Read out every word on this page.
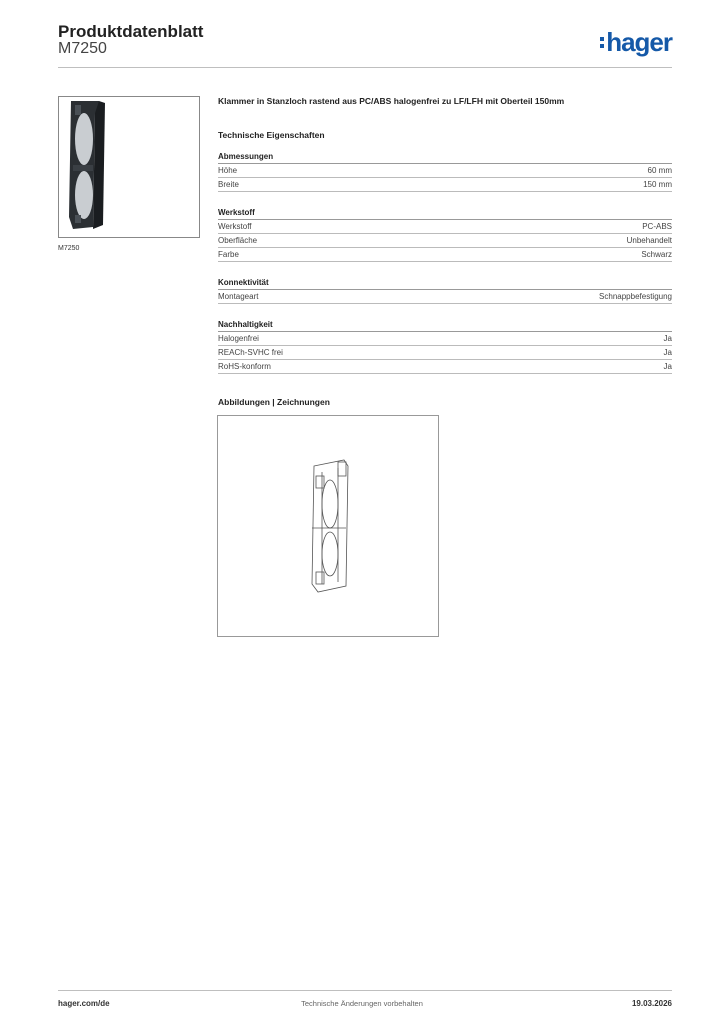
Produktdatenblatt
M7250	hager
M7250
Klammer in Stanzloch rastend aus PC/ABS halogenfrei zu LF/LFH mit Oberteil 150mm
Technische Eigenschaften
Abmessungen
Höhe	60 mm
Breite	150 mm
Werkstoff
Werkstoff	PC-ABS
Oberfläche	Unbehandelt
Farbe	Schwarz
Konnektivität
Montageart	Schnappbefestigung
Nachhaltigkeit
Halogenfrei	Ja
REACh-SVHC frei	Ja
RoHS-konform	Ja
Abbildungen | Zeichnungen
hager.com/de	Technische Änderungen vorbehalten	19.03.2026
